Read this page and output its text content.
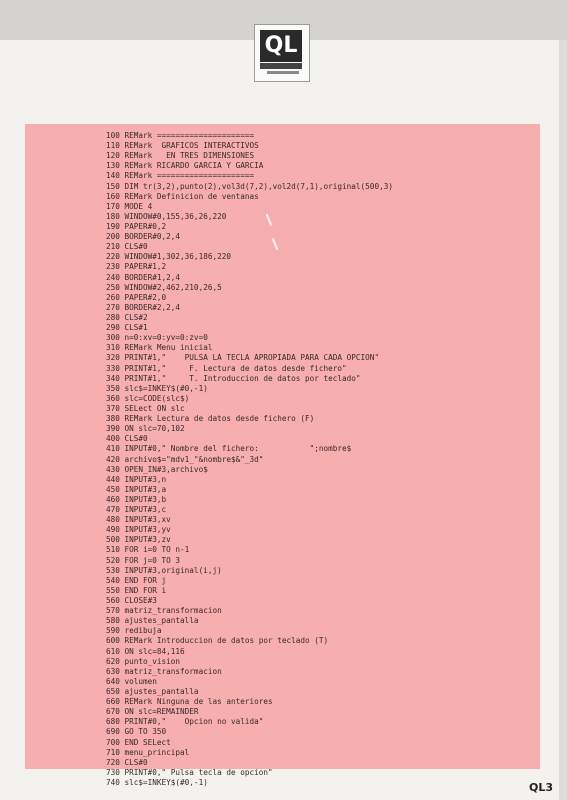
QL
100 REMark =====================
110 REMark  GRAFICOS INTERACTIVOS
120 REMark   EN TRES DIMENSIONES
130 REMark RICARDO GARCIA Y GARCIA
140 REMark =====================
150 DIM tr(3,2),punto(2),vol3d(7,2),vol2d(7,1),original(500,3)
160 REMark Definicion de ventanas
170 MODE 4
180 WINDOW#0,155,36,26,220
190 PAPER#0,2
200 BORDER#0,2,4
210 CLS#0
220 WINDOW#1,302,36,186,220
230 PAPER#1,2
240 BORDER#1,2,4
250 WINDOW#2,462,210,26,5
260 PAPER#2,0
270 BORDER#2,2,4
280 CLS#2
290 CLS#1
300 n=0:xv=0:yv=0:zv=0
310 REMark Menu inicial
320 PRINT#1,"    PULSA LA TECLA APROPIADA PARA CADA OPCION"
330 PRINT#1,"     F. Lectura de datos desde fichero"
340 PRINT#1,"     T. Introduccion de datos por teclado"
350 slc$=INKEY$(#0,-1)
360 slc=CODE(slc$)
370 SELect ON slc
380 REMark Lectura de datos desde fichero (F)
390 ON slc=70,102
400 CLS#0
410 INPUT#0," Nombre del fichero:           ";nombre$
420 archivo$="mdv1_"&nombre$&"_3d"
430 OPEN_IN#3,archivo$
440 INPUT#3,n
450 INPUT#3,a
460 INPUT#3,b
470 INPUT#3,c
480 INPUT#3,xv
490 INPUT#3,yv
500 INPUT#3,zv
510 FOR i=0 TO n-1
520 FOR j=0 TO 3
530 INPUT#3,original(i,j)
540 END FOR j
550 END FOR i
560 CLOSE#3
570 matriz_transformacion
580 ajustes_pantalla
590 redibuja
600 REMark Introduccion de datos por teclado (T)
610 ON slc=84,116
620 punto_vision
630 matriz_transformacion
640 volumen
650 ajustes_pantalla
660 REMark Ninguna de las anteriores
670 ON slc=REMAINDER
680 PRINT#0,"    Opcion no valida"
690 GO TO 350
700 END SELect
710 menu_principal
720 CLS#0
730 PRINT#0," Pulsa tecla de opcion"
740 slc$=INKEY$(#0,-1)	QL3
